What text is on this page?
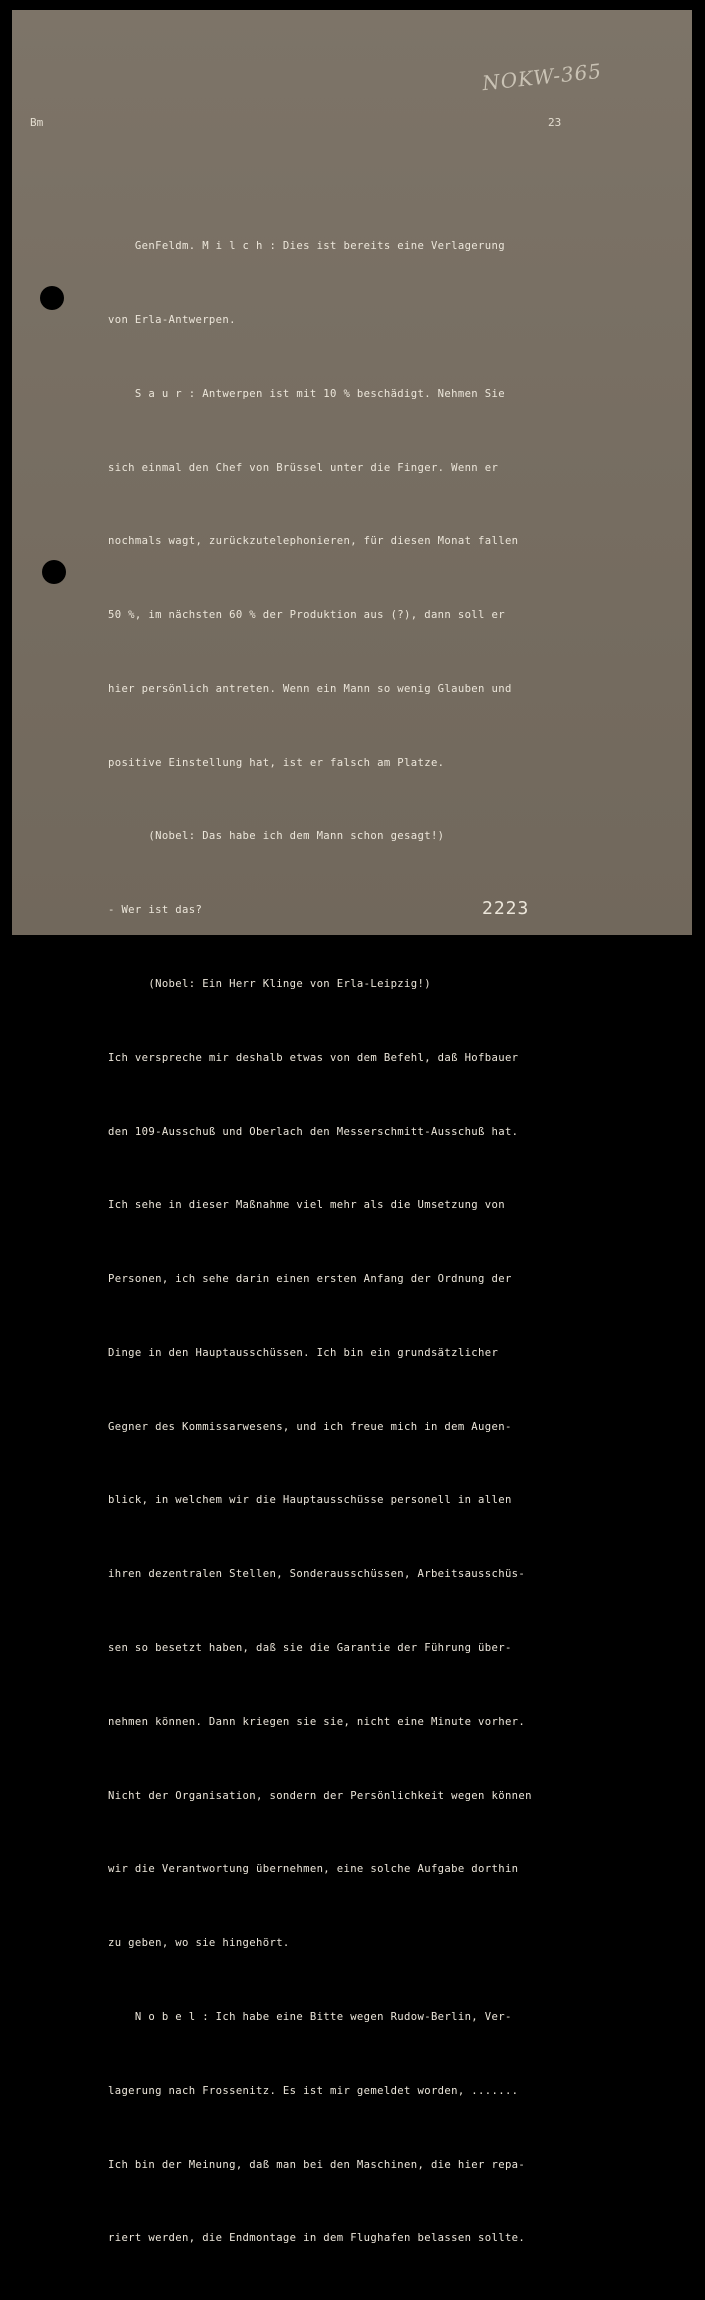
NOKW-365
Bm	23

GenFeldm. M i l c h : Dies ist bereits eine Verlagerung

von Erla-Antwerpen.

S a u r : Antwerpen ist mit 10 % beschädigt. Nehmen Sie

sich einmal den Chef von Brüssel unter die Finger. Wenn er

nochmals wagt, zurückzutelephonieren, für diesen Monat fallen

50 %, im nächsten 60 % der Produktion aus (?), dann soll er

hier persönlich antreten. Wenn ein Mann so wenig Glauben und

positive Einstellung hat, ist er falsch am Platze.

(Nobel: Das habe ich dem Mann schon gesagt!)

- Wer ist das?

(Nobel: Ein Herr Klinge von Erla-Leipzig!)

Ich verspreche mir deshalb etwas von dem Befehl, daß Hofbauer

den 109-Ausschuß und Oberlach den Messerschmitt-Ausschuß hat.

Ich sehe in dieser Maßnahme viel mehr als die Umsetzung von

Personen, ich sehe darin einen ersten Anfang der Ordnung der

Dinge in den Hauptausschüssen. Ich bin ein grundsätzlicher

Gegner des Kommissarwesens, und ich freue mich in dem Augen-

blick, in welchem wir die Hauptausschüsse personell in allen

ihren dezentralen Stellen, Sonderausschüssen, Arbeitsausschüs-

sen so besetzt haben, daß sie die Garantie der Führung über-

nehmen können. Dann kriegen sie sie, nicht eine Minute vorher.

Nicht der Organisation, sondern der Persönlichkeit wegen können

wir die Verantwortung übernehmen, eine solche Aufgabe dorthin

zu geben, wo sie hingehört.

N o b e l : Ich habe eine Bitte wegen Rudow-Berlin, Ver-

lagerung nach Frossenitz. Es ist mir gemeldet worden, .......

Ich bin der Meinung, daß man bei den Maschinen, die hier repa-

riert werden, die Endmontage in dem Flughafen belassen sollte.

2223
